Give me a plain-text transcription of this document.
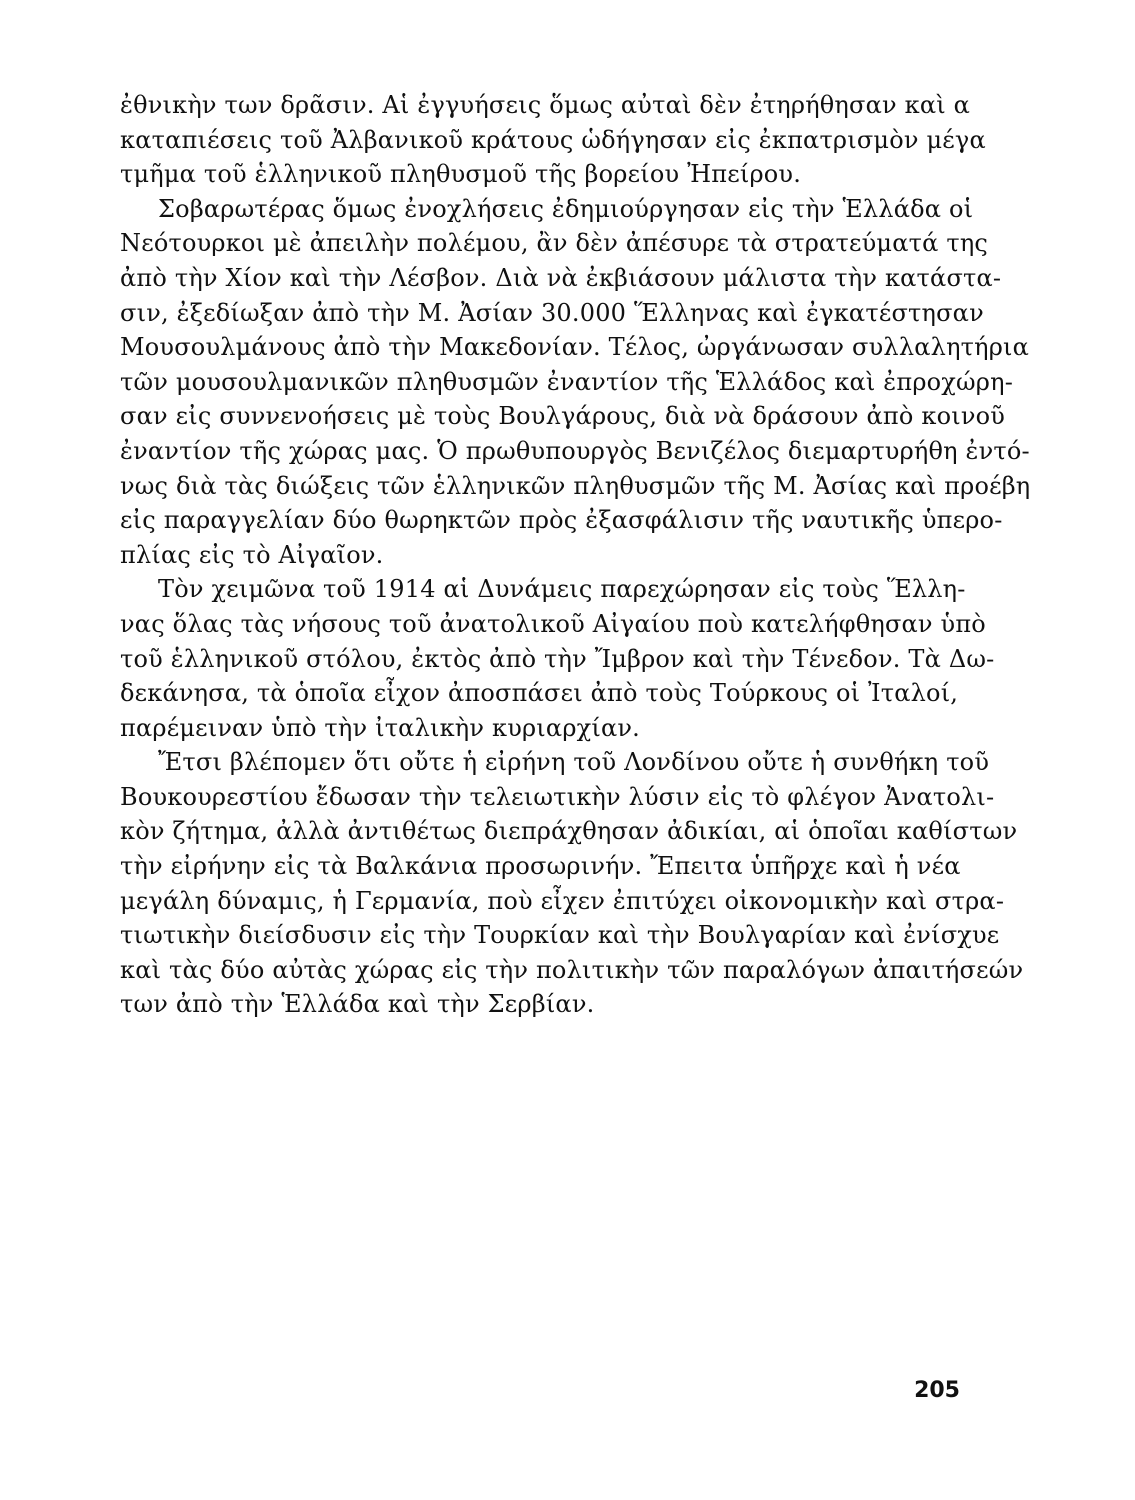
ἐθνικὴν των δρᾶσιν. Αἱ ἐγγυήσεις ὅμως αὐταὶ δὲν ἐτηρήθησαν καὶ α
καταπιέσεις τοῦ Ἀλβανικοῦ κράτους ὡδήγησαν εἰς ἐκπατρισμὸν μέγα
τμῆμα τοῦ ἑλληνικοῦ πληθυσμοῦ τῆς βορείου Ἠπείρου.
Σοβαρωτέρας ὅμως ἐνοχλήσεις ἐδημιούργησαν εἰς τὴν Ἑλλάδα οἱ
Νεότουρκοι μὲ ἀπειλὴν πολέμου, ἂν δὲν ἀπέσυρε τὰ στρατεύματά της
ἀπὸ τὴν Χίον καὶ τὴν Λέσβον. Διὰ νὰ ἐκβιάσουν μάλιστα τὴν κατάστα-
σιν, ἐξεδίωξαν ἀπὸ τὴν Μ. Ἀσίαν 30.000 Ἕλληνας καὶ ἐγκατέστησαν
Μουσουλμάνους ἀπὸ τὴν Μακεδονίαν. Τέλος, ὠργάνωσαν συλλαλητήρια
τῶν μουσουλμανικῶν πληθυσμῶν ἐναντίον τῆς Ἑλλάδος καὶ ἐπροχώρη-
σαν εἰς συννενοήσεις μὲ τοὺς Βουλγάρους, διὰ νὰ δράσουν ἀπὸ κοινοῦ
ἐναντίον τῆς χώρας μας. Ὁ πρωθυπουργὸς Βενιζέλος διεμαρτυρήθη ἐντό-
νως διὰ τὰς διώξεις τῶν ἑλληνικῶν πληθυσμῶν τῆς Μ. Ἀσίας καὶ προέβη
εἰς παραγγελίαν δύο θωρηκτῶν πρὸς ἐξασφάλισιν τῆς ναυτικῆς ὑπερο-
πλίας εἰς τὸ Αἰγαῖον.
Τὸν χειμῶνα τοῦ 1914 αἱ Δυνάμεις παρεχώρησαν εἰς τοὺς Ἕλλη-
νας ὅλας τὰς νήσους τοῦ ἀνατολικοῦ Αἰγαίου ποὺ κατελήφθησαν ὑπὸ
τοῦ ἑλληνικοῦ στόλου, ἐκτὸς ἀπὸ τὴν Ἴμβρον καὶ τὴν Τένεδον. Τὰ Δω-
δεκάνησα, τὰ ὁποῖα εἶχον ἀποσπάσει ἀπὸ τοὺς Τούρκους οἱ Ἰταλοί,
παρέμειναν ὑπὸ τὴν ἰταλικὴν κυριαρχίαν.
Ἔτσι βλέπομεν ὅτι οὔτε ἡ εἰρήνη τοῦ Λονδίνου οὔτε ἡ συνθήκη τοῦ
Βουκουρεστίου ἔδωσαν τὴν τελειωτικὴν λύσιν εἰς τὸ φλέγον Ἀνατολι-
κὸν ζήτημα, ἀλλὰ ἀντιθέτως διεπράχθησαν ἀδικίαι, αἱ ὁποῖαι καθίστων
τὴν εἰρήνην εἰς τὰ Βαλκάνια προσωρινήν. Ἔπειτα ὑπῆρχε καὶ ἡ νέα
μεγάλη δύναμις, ἡ Γερμανία, ποὺ εἶχεν ἐπιτύχει οἰκονομικὴν καὶ στρα-
τιωτικὴν διείσδυσιν εἰς τὴν Τουρκίαν καὶ τὴν Βουλγαρίαν καὶ ἐνίσχυε
καὶ τὰς δύο αὐτὰς χώρας εἰς τὴν πολιτικὴν τῶν παραλόγων ἀπαιτήσεών
των ἀπὸ τὴν Ἑλλάδα καὶ τὴν Σερβίαν.
205
